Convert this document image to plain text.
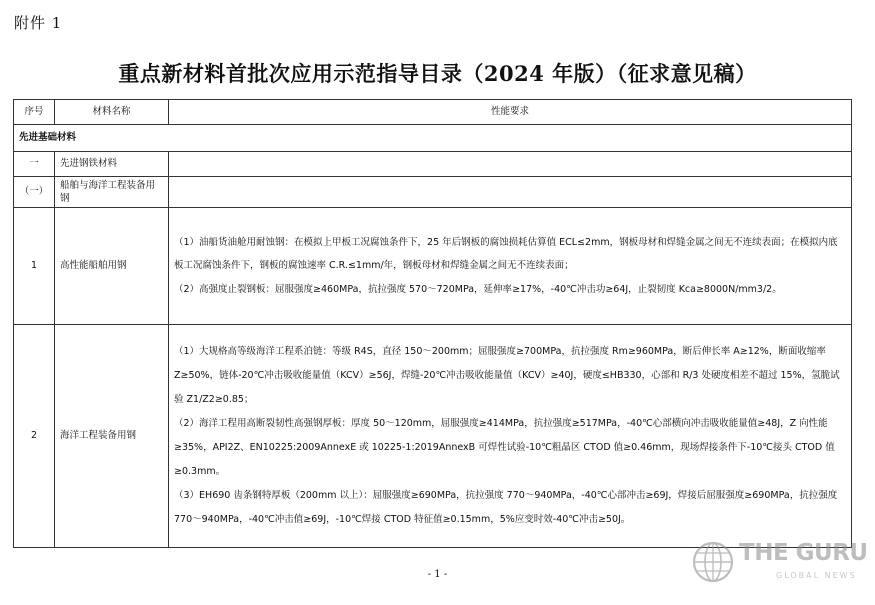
附件 1
重点新材料首批次应用示范指导目录（2024 年版）（征求意见稿）
序号	材料名称	性能要求
先进基础材料		
一	先进钢铁材料	
（一）	船舶与海洋工程装备用钢	
1	高性能船舶用钢	（1）油船货油舱用耐蚀钢：在模拟上甲板工况腐蚀条件下，25 年后钢板的腐蚀损耗估算值 ECL≤2mm，钢板母材和焊缝金属之间无不连续表面；在模拟内底板工况腐蚀条件下，钢板的腐蚀速率 C.R.≤1mm/年，钢板母材和焊缝金属之间无不连续表面；
（2）高强度止裂钢板：屈服强度≥460MPa，抗拉强度 570～720MPa，延伸率≥17%，-40℃冲击功≥64J，止裂韧度 Kca≥8000N/mm3/2。

2	海洋工程装备用钢	（1）大规格高等级海洋工程系泊链：等级 R4S，直径 150～200mm；屈服强度≥700MPa，抗拉强度 Rm≥960MPa，断后伸长率 A≥12%，断面收缩率 Z≥50%，链体-20℃冲击吸收能量值（KCV）≥56J，焊缝-20℃冲击吸收能量值（KCV）≥40J，硬度≤HB330，心部和 R/3 处硬度相差不超过 15%，氢脆试验 Z1/Z2≥0.85；
（2）海洋工程用高断裂韧性高强钢厚板：厚度 50～120mm，屈服强度≥414MPa，抗拉强度≥517MPa，-40℃心部横向冲击吸收能量值≥48J，Z 向性能≥35%，API2Z、EN10225:2009AnnexE 或 10225-1:2019AnnexB 可焊性试验-10℃粗晶区 CTOD 值≥0.46mm，现场焊接条件下-10℃接头 CTOD 值≥0.3mm。
（3）EH690 齿条钢特厚板（200mm 以上）：屈服强度≥690MPa，抗拉强度 770～940MPa，-40℃心部冲击≥69J，焊接后屈服强度≥690MPa，抗拉强度 770～940MPa，-40℃冲击值≥69J，-10℃焊接 CTOD 特征值≥0.15mm，5%应变时效-40℃冲击≥50J。
- 1 -
THE GURU
GLOBAL NEWS
